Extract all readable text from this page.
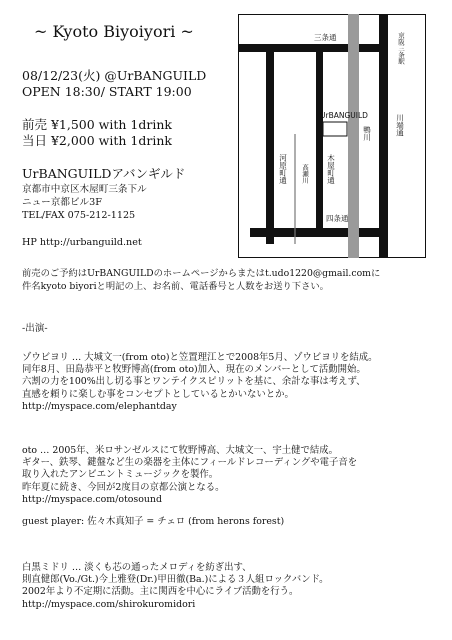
~ Kyoto Biyoiyori ~
08/12/23(火) @UrBANGUILD
OPEN 18:30/ START 19:00
前売 ¥1,500 with 1drink
当日 ¥2,000 with 1drink
UrBANGUILDアバンギルド
京都市中京区木屋町三条下ル
ニュー京都ビル3F
TEL/FAX 075-212-1125
HP http://urbanguild.net
前売のご予約はUrBANGUILDのホームページからまたはt.udo1220@gmail.comに
件名kyoto biyoriと明記の上、お名前、電話番号と人数をお送り下さい。
-出演-
ゾウビヨリ … 大城文一(from oto)と笠置理江とで2008年5月、ゾウビヨリを結成。
同年8月、田島恭平と牧野博高(from oto)加入、現在のメンバーとして活動開始。
六割の力を100%出し切る事とワンテイクスピリットを基に、余計な事は考えず、
直感を頼りに楽しむ事をコンセプトとしているとかいないとか。
http://myspace.com/elephantday
oto … 2005年、米ロサンゼルスにて牧野博高、大城文一、宇土健で結成。
ギター、鉄琴、鍵盤など生の楽器を主体にフィールドレコーディングや電子音を
取り入れたアンビエントミュージックを製作。
昨年夏に続き、今回が2度目の京都公演となる。
http://myspace.com/otosound
guest player: 佐々木真知子 = チェロ (from herons forest)
白黒ミドリ … 淡くも芯の通ったメロディを紡ぎ出す、
則直健郎(Vo./Gt.)今上雅登(Dr.)甲田徹(Ba.)による３人組ロックバンド。
2002年より不定期に活動。主に関西を中心にライブ活動を行う。
http://myspace.com/shirokuromidori
三条通	京阪三条駅
UrBANGUILD	川端通
鴨川
河原町通 高瀬川 木屋町通
四条通
